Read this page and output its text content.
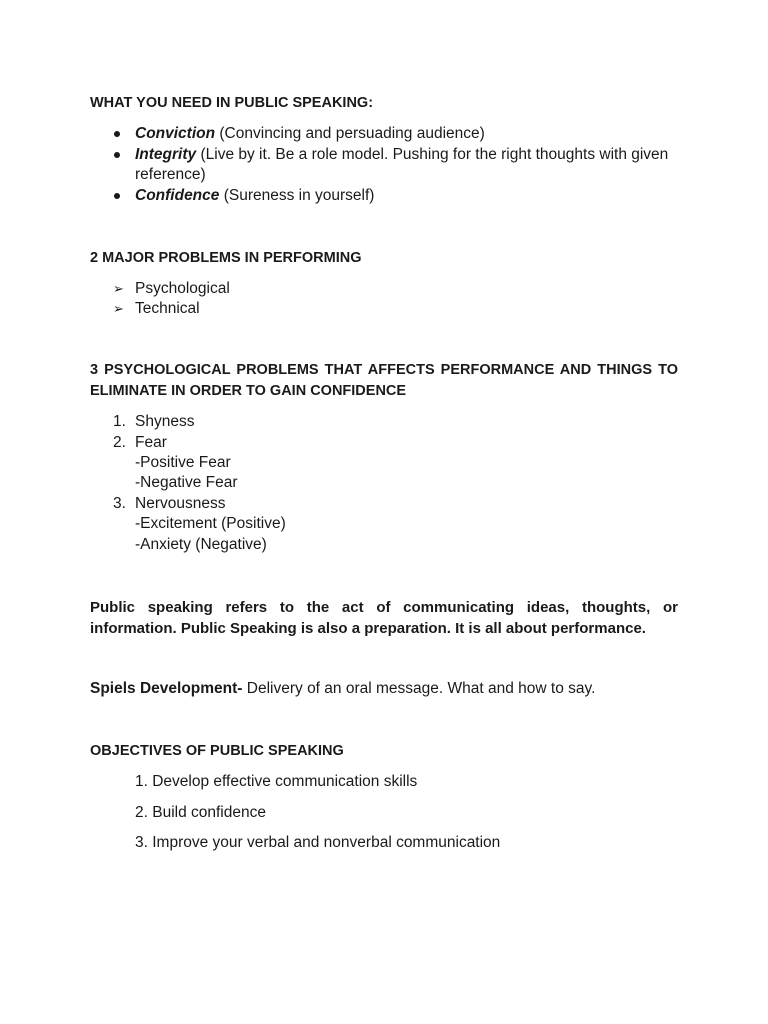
WHAT YOU NEED IN PUBLIC SPEAKING:

Conviction (Convincing and persuading audience)
Integrity (Live by it. Be a role model. Pushing for the right thoughts with given
reference)
Confidence (Sureness in yourself)

2 MAJOR PROBLEMS IN PERFORMING

➢ Psychological
➢ Technical

3 PSYCHOLOGICAL PROBLEMS THAT AFFECTS PERFORMANCE AND THINGS TO ELIMINATE IN ORDER TO GAIN CONFIDENCE

1. Shyness
2. Fear
-Positive Fear
-Negative Fear
3. Nervousness
-Excitement (Positive)
-Anxiety (Negative)

Public speaking refers to the act of communicating ideas, thoughts, or information. Public Speaking is also a preparation. It is all about performance.

Spiels Development- Delivery of an oral message. What and how to say.

OBJECTIVES OF PUBLIC SPEAKING

1. Develop effective communication skills
2. Build confidence
3. Improve your verbal and nonverbal communication
